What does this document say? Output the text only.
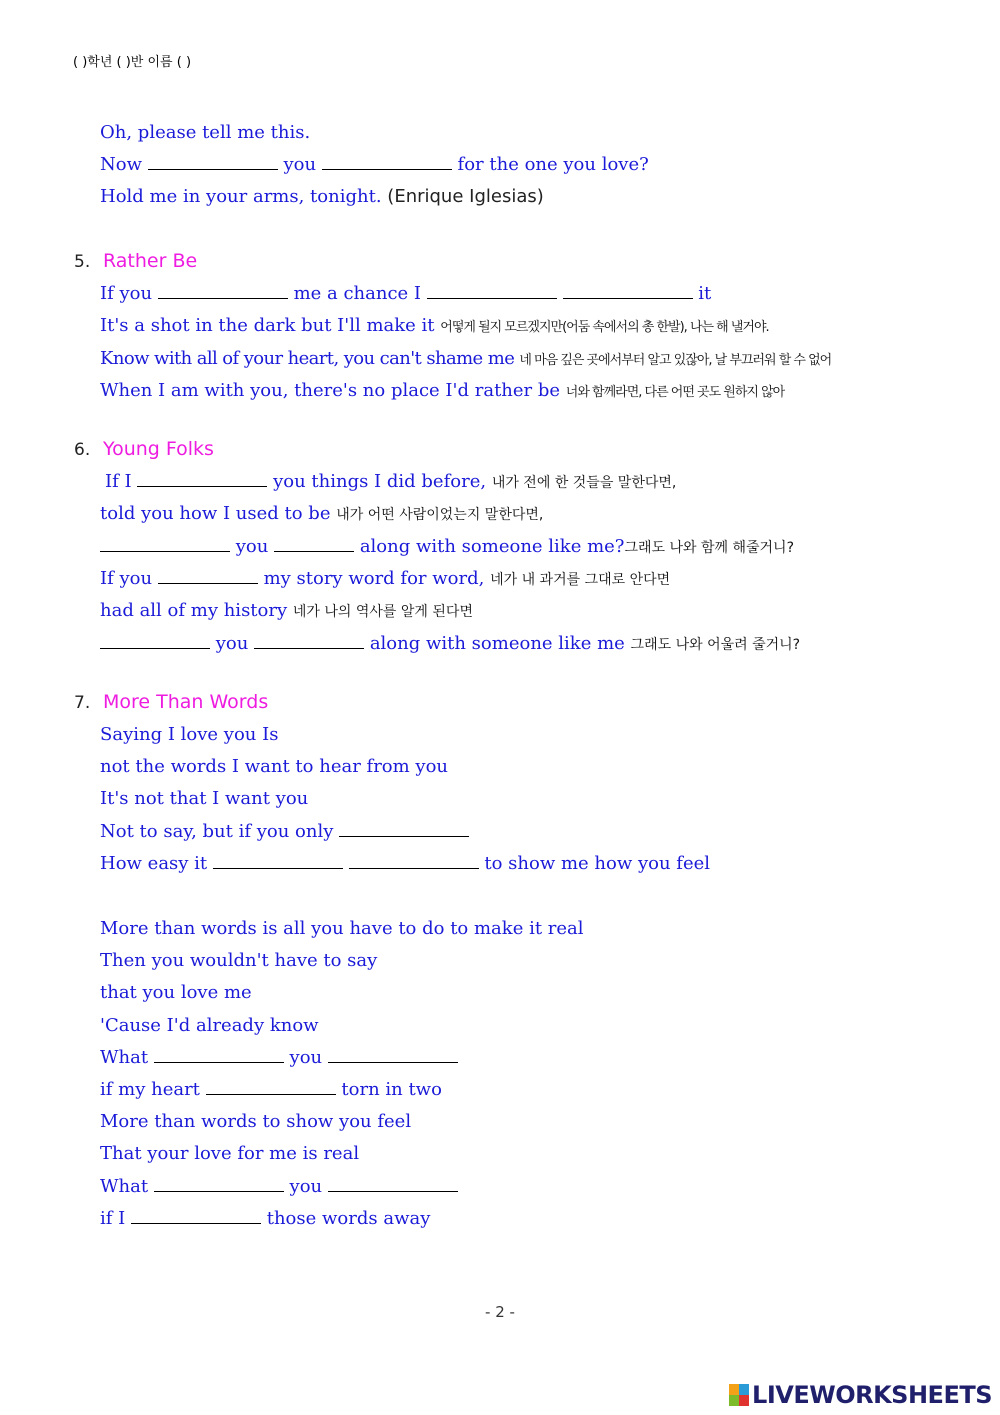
( )학년 ( )반 이름 ( )
Oh, please tell me this.
Now	you	for the one you love?
Hold me in your arms, tonight. (Enrique Iglesias)
5. Rather Be
If you	me a chance I	it
It's a shot in the dark but I'll make it 어떻게 될지 모르겠지만(어둠 속에서의 총 한발), 나는 해 낼거야.
Know with all of your heart, you can't shame me 네 마음 깊은 곳에서부터 알고 있잖아, 날 부끄러워 할 수 없어
When I am with you, there's no place I'd rather be 너와 함께라면, 다른 어떤 곳도 원하지 않아
6. Young Folks
If I	you things I did before, 내가 전에 한 것들을 말한다면,
told you how I used to be 내가 어떤 사람이었는지 말한다면,
you	along with someone like me?그래도 나와 함께 해줄거니?
If you	my story word for word, 네가 내 과거를 그대로 안다면
had all of my history 네가 나의 역사를 알게 된다면
you	along with someone like me 그래도 나와 어울려 줄거니?
7. More Than Words
Saying I love you Is
not the words I want to hear from you
It's not that I want you
Not to say, but if you only
How easy it	to show me how you feel
More than words is all you have to do to make it real
Then you wouldn't have to say
that you love me
'Cause I'd already know
What	you
if my heart	torn in two
More than words to show you feel
That your love for me is real
What	you
if I	those words away
- 2 -
LIVEWORKSHEETS
